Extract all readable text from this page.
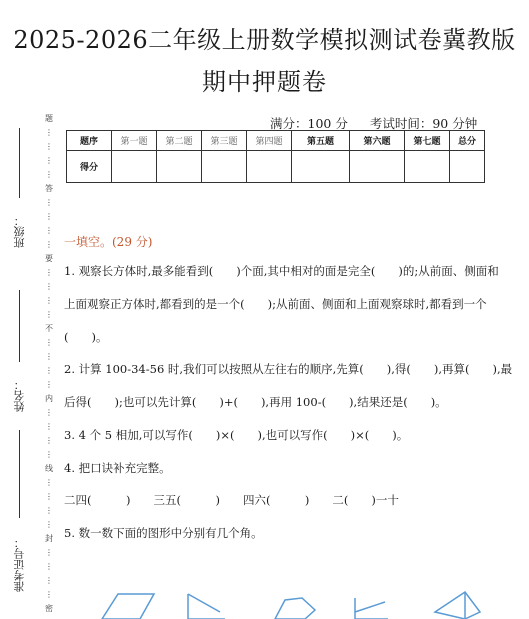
2025-2026二年级上册数学模拟测试卷冀教版
期中押题卷
满分：100 分 考试时间：90 分钟
题序	第一题	第二题	第三题	第四题	第五题	第六题	第七题	总分
得分								
班级：
姓名：
准考证号：
题
⋮
⋮
⋮
⋮
答
⋮
⋮
⋮
⋮
要
⋮
⋮
⋮
⋮
不
⋮
⋮
⋮
⋮
内
⋮
⋮
⋮
⋮
线
⋮
⋮
⋮
⋮
封
⋮
⋮
⋮
⋮
密
一填空。(29 分)
1. 观察长方体时,最多能看到(　　)个面,其中相对的面是完全(　　)的;从前面、侧面和
上面观察正方体时,都看到的是一个(　　);从前面、侧面和上面观察球时,都看到一个
(　　)。
2. 计算 100-34-56 时,我们可以按照从左往右的顺序,先算(　　),得(　　),再算(　　),最
后得(　　);也可以先计算(　　)+(　　),再用 100-(　　),结果还是(　　)。
3. 4 个 5 相加,可以写作(　　)×(　　),也可以写作(　　)×(　　)。
4. 把口诀补充完整。
二四(　　　)　　三五(　　　)　　四六(　　　)　　二(　　)一十
5. 数一数下面的图形中分别有几个角。
